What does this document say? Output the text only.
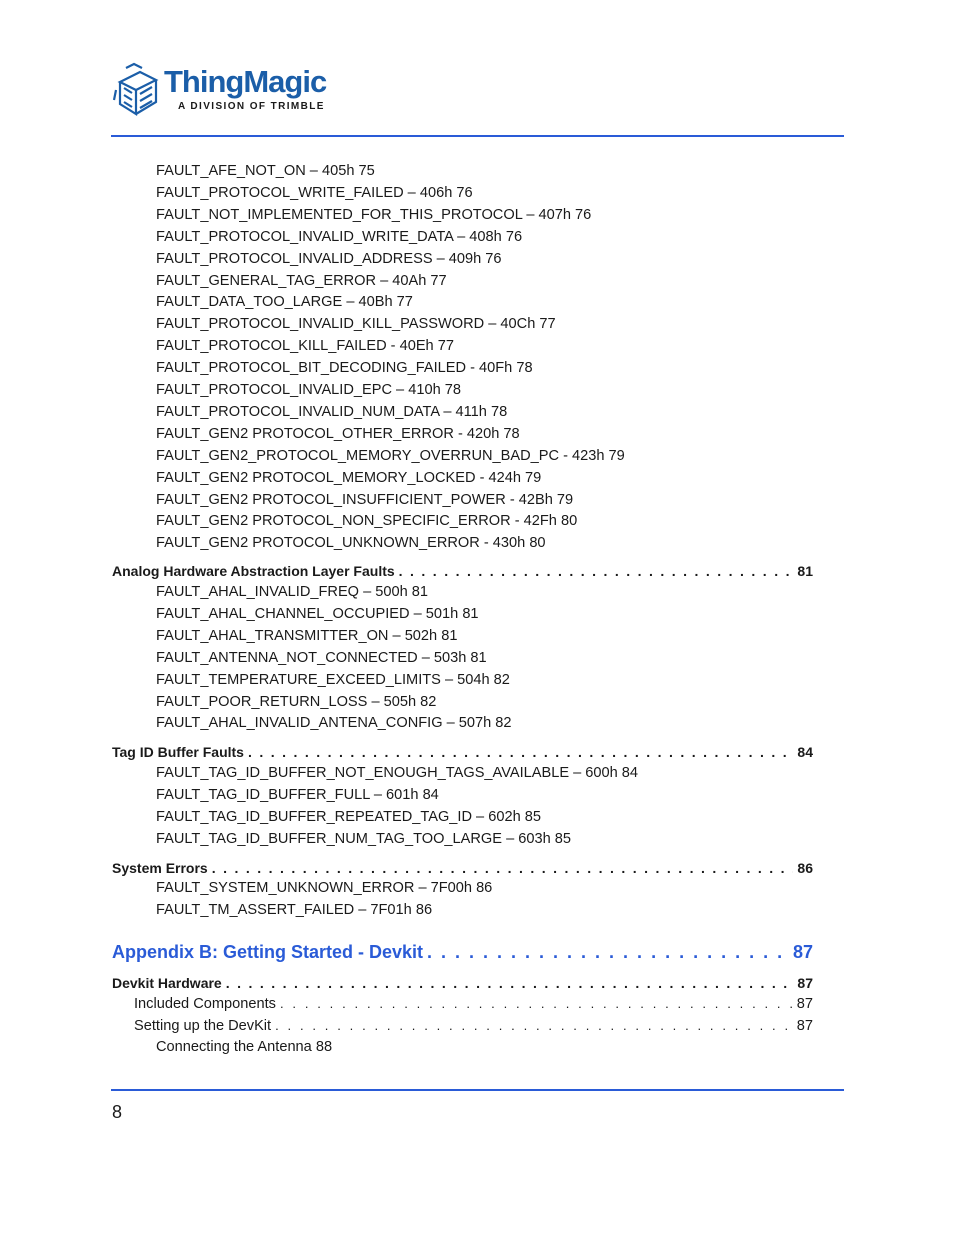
ThingMagic
A DIVISION OF TRIMBLE
FAULT_AFE_NOT_ON – 405h 75
FAULT_PROTOCOL_WRITE_FAILED – 406h 76
FAULT_NOT_IMPLEMENTED_FOR_THIS_PROTOCOL – 407h 76
FAULT_PROTOCOL_INVALID_WRITE_DATA – 408h 76
FAULT_PROTOCOL_INVALID_ADDRESS – 409h 76
FAULT_GENERAL_TAG_ERROR – 40Ah 77
FAULT_DATA_TOO_LARGE – 40Bh 77
FAULT_PROTOCOL_INVALID_KILL_PASSWORD – 40Ch 77
FAULT_PROTOCOL_KILL_FAILED - 40Eh 77
FAULT_PROTOCOL_BIT_DECODING_FAILED - 40Fh 78
FAULT_PROTOCOL_INVALID_EPC – 410h 78
FAULT_PROTOCOL_INVALID_NUM_DATA – 411h 78
FAULT_GEN2 PROTOCOL_OTHER_ERROR - 420h 78
FAULT_GEN2_PROTOCOL_MEMORY_OVERRUN_BAD_PC - 423h 79
FAULT_GEN2 PROTOCOL_MEMORY_LOCKED - 424h 79
FAULT_GEN2 PROTOCOL_INSUFFICIENT_POWER - 42Bh 79
FAULT_GEN2 PROTOCOL_NON_SPECIFIC_ERROR - 42Fh 80
FAULT_GEN2 PROTOCOL_UNKNOWN_ERROR - 430h 80
Analog Hardware Abstraction Layer Faults . . .	81
FAULT_AHAL_INVALID_FREQ – 500h 81
FAULT_AHAL_CHANNEL_OCCUPIED – 501h 81
FAULT_AHAL_TRANSMITTER_ON – 502h 81
FAULT_ANTENNA_NOT_CONNECTED – 503h 81
FAULT_TEMPERATURE_EXCEED_LIMITS – 504h 82
FAULT_POOR_RETURN_LOSS – 505h 82
FAULT_AHAL_INVALID_ANTENA_CONFIG – 507h 82
Tag ID Buffer Faults . . .	84
FAULT_TAG_ID_BUFFER_NOT_ENOUGH_TAGS_AVAILABLE – 600h 84
FAULT_TAG_ID_BUFFER_FULL – 601h 84
FAULT_TAG_ID_BUFFER_REPEATED_TAG_ID – 602h 85
FAULT_TAG_ID_BUFFER_NUM_TAG_TOO_LARGE – 603h 85
System Errors . . .	86
FAULT_SYSTEM_UNKNOWN_ERROR – 7F00h 86
FAULT_TM_ASSERT_FAILED – 7F01h 86
Appendix B: Getting Started - Devkit . . .	87
Devkit Hardware . . .	87
Included Components . . .	87
Setting up the DevKit . . .	87
Connecting the Antenna 88
8
